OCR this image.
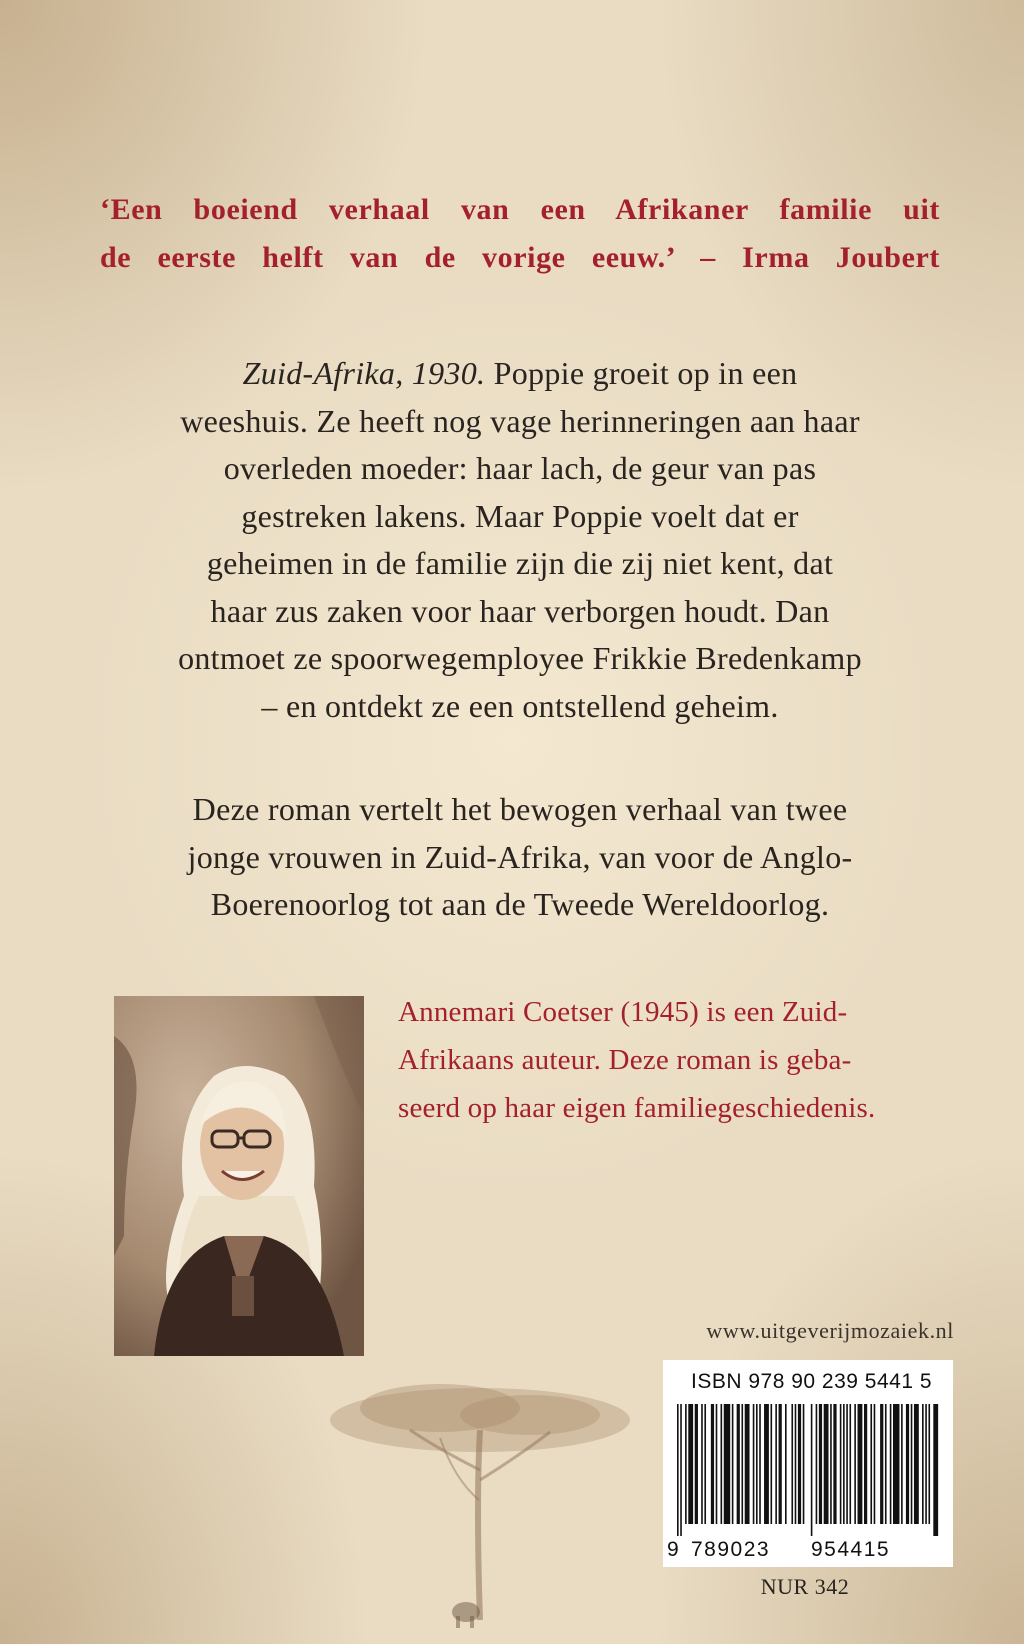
‘Een boeiend verhaal van een Afrikaner familie uit
de eerste helft van de vorige eeuw.’ – Irma Joubert
Zuid-Afrika, 1930. Poppie groeit op in een
weeshuis. Ze heeft nog vage herinneringen aan haar
overleden moeder: haar lach, de geur van pas
gestreken lakens. Maar Poppie voelt dat er
geheimen in de familie zijn die zij niet kent, dat
haar zus zaken voor haar verborgen houdt. Dan
ontmoet ze spoorwegemployee Frikkie Bredenkamp
– en ontdekt ze een ontstellend geheim.
Deze roman vertelt het bewogen verhaal van twee
jonge vrouwen in Zuid-Afrika, van voor de Anglo-
Boerenoorlog tot aan de Tweede Wereldoorlog.
Annemari Coetser (1945) is een Zuid-
Afrikaans auteur. Deze roman is geba-
seerd op haar eigen familiegeschiedenis.
www.uitgeverijmozaiek.nl
ISBN 978 90 239 5441 5
9 789023 954415
NUR 342
